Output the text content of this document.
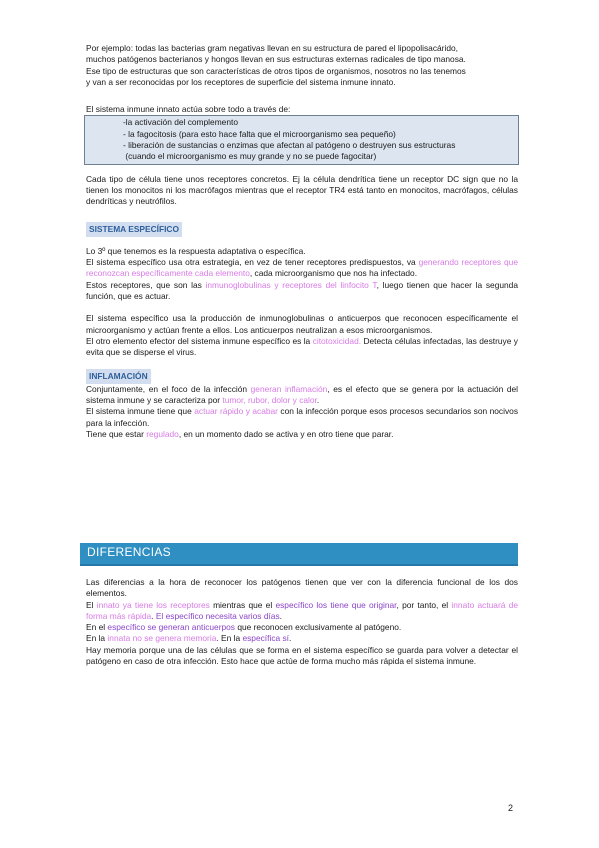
Por ejemplo: todas las bacterias gram negativas llevan en su estructura de pared el lipopolisacárido,

muchos patógenos bacterianos y hongos llevan en sus estructuras externas radicales de tipo manosa.

Ese tipo de estructuras que son características de otros tipos de organismos, nosotros no las tenemos

y van a ser reconocidas por los receptores de superficie del sistema inmune innato.

El sistema inmune innato actúa sobre todo a través de:

-la activación del complemento

- la fagocitosis (para esto hace falta que el microorganismo sea pequeño)

- liberación de sustancias o enzimas que afectan al patógeno o destruyen sus estructuras

(cuando el microorganismo es muy grande y no se puede fagocitar)

Cada tipo de célula tiene unos receptores concretos. Ej la célula dendrítica tiene un receptor DC sign que no la tienen los monocitos ni los macrófagos mientras que el receptor TR4 está tanto en monocitos, macrófagos, células dendríticas y neutrófilos.

SISTEMA ESPECÍFICO

Lo 3º que tenemos es la respuesta adaptativa o específica.

El sistema específico usa otra estrategia, en vez de tener receptores predispuestos, va generando receptores que reconozcan específicamente cada elemento, cada microorganismo que nos ha infectado.

Estos receptores, que son las inmunoglobulinas y receptores del linfocito T, luego tienen que hacer la segunda función, que es actuar.

El sistema específico usa la producción de inmunoglobulinas o anticuerpos que reconocen específicamente el microorganismo y actúan frente a ellos. Los anticuerpos neutralizan a esos microorganismos.

El otro elemento efector del sistema inmune específico es la citotoxicidad. Detecta células infectadas, las destruye y evita que se disperse el virus.

INFLAMACIÓN

Conjuntamente, en el foco de la infección generan inflamación, es el efecto que se genera por la actuación del sistema inmune y se caracteriza por tumor, rubor, dolor y calor.

El sistema inmune tiene que actuar rápido y acabar con la infección porque esos procesos secundarios son nocivos para la infección.

Tiene que estar regulado, en un momento dado se activa y en otro tiene que parar.

DIFERENCIAS

Las diferencias a la hora de reconocer los patógenos tienen que ver con la diferencia funcional de los dos elementos.

El innato ya tiene los receptores mientras que el específico los tiene que originar, por tanto, el innato actuará de forma más rápida. El específico necesita varios días.

En el específico se generan anticuerpos que reconocen exclusivamente al patógeno.

En la innata no se genera memoria. En la específica sí.

Hay memoria porque una de las células que se forma en el sistema específico se guarda para volver a detectar el patógeno en caso de otra infección. Esto hace que actúe de forma mucho más rápida el sistema inmune.

2
